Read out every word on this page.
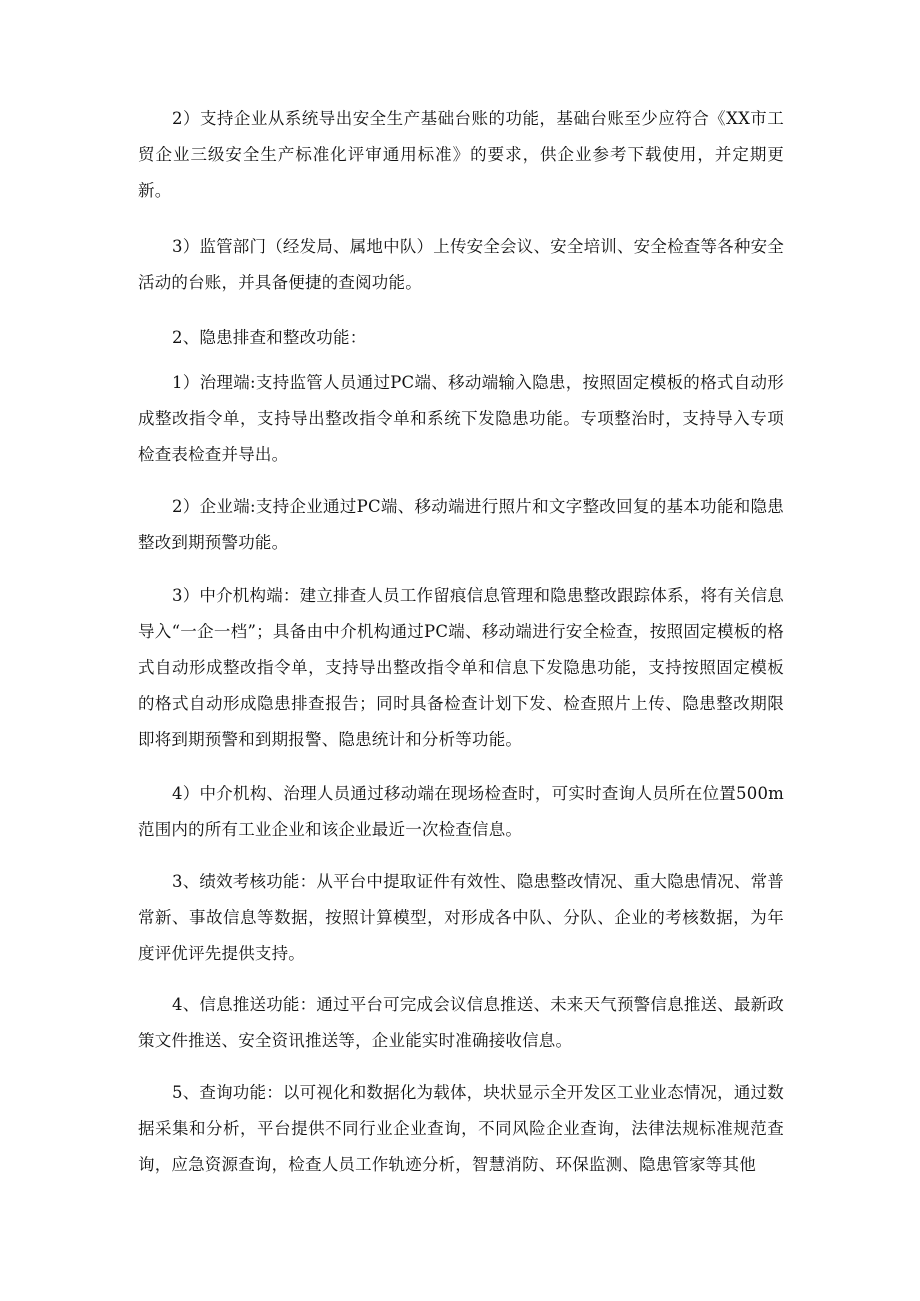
2）支持企业从系统导出安全生产基础台账的功能，基础台账至少应符合《XX市工贸企业三级安全生产标准化评审通用标准》的要求，供企业参考下载使用，并定期更新。

3）监管部门（经发局、属地中队）上传安全会议、安全培训、安全检查等各种安全活动的台账，并具备便捷的查阅功能。

2、隐患排查和整改功能：

1）治理端:支持监管人员通过PC端、移动端输入隐患，按照固定模板的格式自动形成整改指令单，支持导出整改指令单和系统下发隐患功能。专项整治时，支持导入专项检查表检查并导出。

2）企业端:支持企业通过PC端、移动端进行照片和文字整改回复的基本功能和隐患整改到期预警功能。

3）中介机构端：建立排查人员工作留痕信息管理和隐患整改跟踪体系，将有关信息导入“一企一档”；具备由中介机构通过PC端、移动端进行安全检查，按照固定模板的格式自动形成整改指令单，支持导出整改指令单和信息下发隐患功能，支持按照固定模板的格式自动形成隐患排查报告；同时具备检查计划下发、检查照片上传、隐患整改期限即将到期预警和到期报警、隐患统计和分析等功能。

4）中介机构、治理人员通过移动端在现场检查时，可实时查询人员所在位置500m范围内的所有工业企业和该企业最近一次检查信息。

3、绩效考核功能：从平台中提取证件有效性、隐患整改情况、重大隐患情况、常普常新、事故信息等数据，按照计算模型，对形成各中队、分队、企业的考核数据，为年度评优评先提供支持。

4、信息推送功能：通过平台可完成会议信息推送、未来天气预警信息推送、最新政策文件推送、安全资讯推送等，企业能实时准确接收信息。

5、查询功能：以可视化和数据化为载体，块状显示全开发区工业业态情况，通过数据采集和分析，平台提供不同行业企业查询，不同风险企业查询，法律法规标准规范查询，应急资源查询，检查人员工作轨迹分析，智慧消防、环保监测、隐患管家等其他
